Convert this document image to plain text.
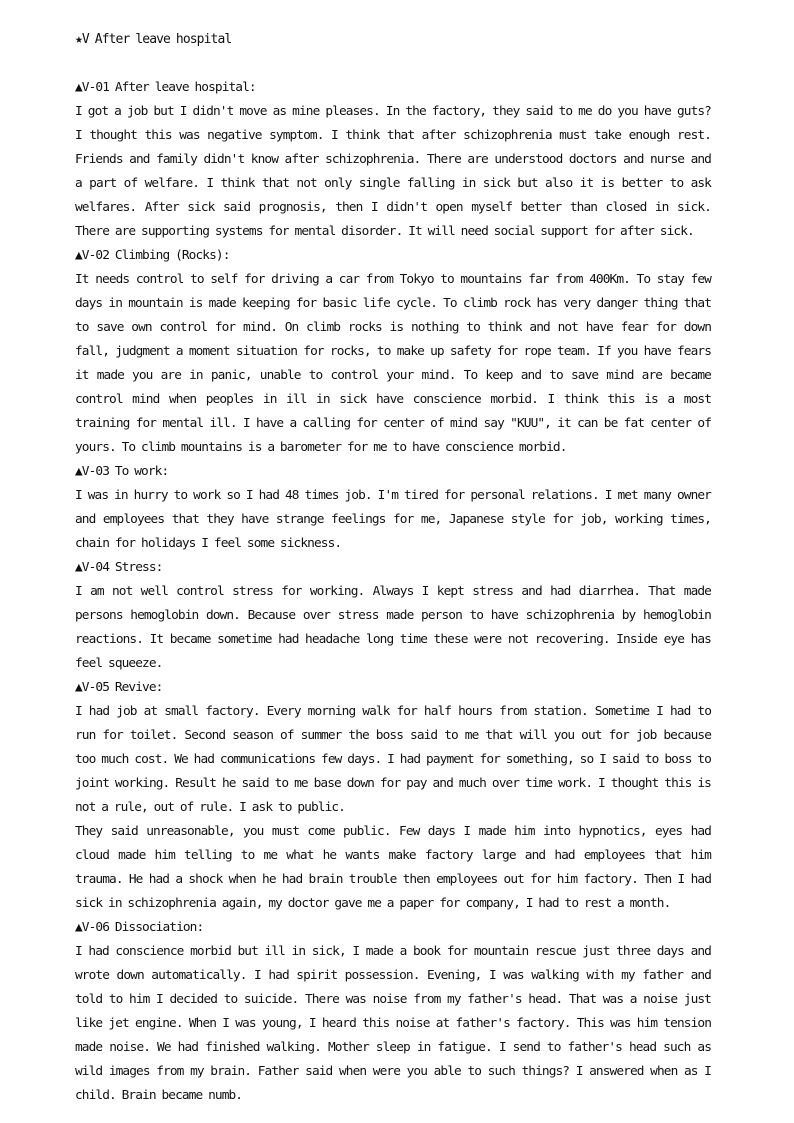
★V After leave hospital
▲V-01 After leave hospital:

I got a job but I didn't move as mine pleases. In the factory, they said to me do you have guts? I thought this was negative symptom. I think that after schizophrenia must take enough rest. Friends and family didn't know after schizophrenia. There are understood doctors and nurse and a part of welfare. I think that not only single falling in sick but also it is better to ask welfares. After sick said prognosis, then I didn't open myself better than closed in sick. There are supporting systems for mental disorder. It will need social support for after sick.

▲V-02 Climbing (Rocks):

It needs control to self for driving a car from Tokyo to mountains far from 400Km. To stay few days in mountain is made keeping for basic life cycle. To climb rock has very danger thing that to save own control for mind. On climb rocks is nothing to think and not have fear for down fall, judgment a moment situation for rocks, to make up safety for rope team. If you have fears it made you are in panic, unable to control your mind. To keep and to save mind are became control mind when peoples in ill in sick have conscience morbid. I think this is a most training for mental ill. I have a calling for center of mind say "KUU", it can be fat center of yours. To climb mountains is a barometer for me to have conscience morbid.

▲V-03 To work:

I was in hurry to work so I had 48 times job. I'm tired for personal relations. I met many owner and employees that they have strange feelings for me, Japanese style for job, working times, chain for holidays I feel some sickness.

▲V-04 Stress:

I am not well control stress for working. Always I kept stress and had diarrhea. That made persons hemoglobin down. Because over stress made person to have schizophrenia by hemoglobin reactions. It became sometime had headache long time these were not recovering. Inside eye has feel squeeze.

▲V-05 Revive:

I had job at small factory. Every morning walk for half hours from station. Sometime I had to run for toilet. Second season of summer the boss said to me that will you out for job because too much cost. We had communications few days. I had payment for something, so I said to boss to joint working. Result he said to me base down for pay and much over time work. I thought this is not a rule, out of rule. I ask to public.

They said unreasonable, you must come public. Few days I made him into hypnotics, eyes had cloud made him telling to me what he wants make factory large and had employees that him trauma. He had a shock when he had brain trouble then employees out for him factory. Then I had sick in schizophrenia again, my doctor gave me a paper for company, I had to rest a month.

▲V-06 Dissociation:

I had conscience morbid but ill in sick, I made a book for mountain rescue just three days and wrote down automatically. I had spirit possession. Evening, I was walking with my father and told to him I decided to suicide. There was noise from my father's head. That was a noise just like jet engine. When I was young, I heard this noise at father's factory. This was him tension made noise. We had finished walking. Mother sleep in fatigue. I send to father's head such as wild images from my brain. Father said when were you able to such things? I answered when as I child. Brain became numb.
